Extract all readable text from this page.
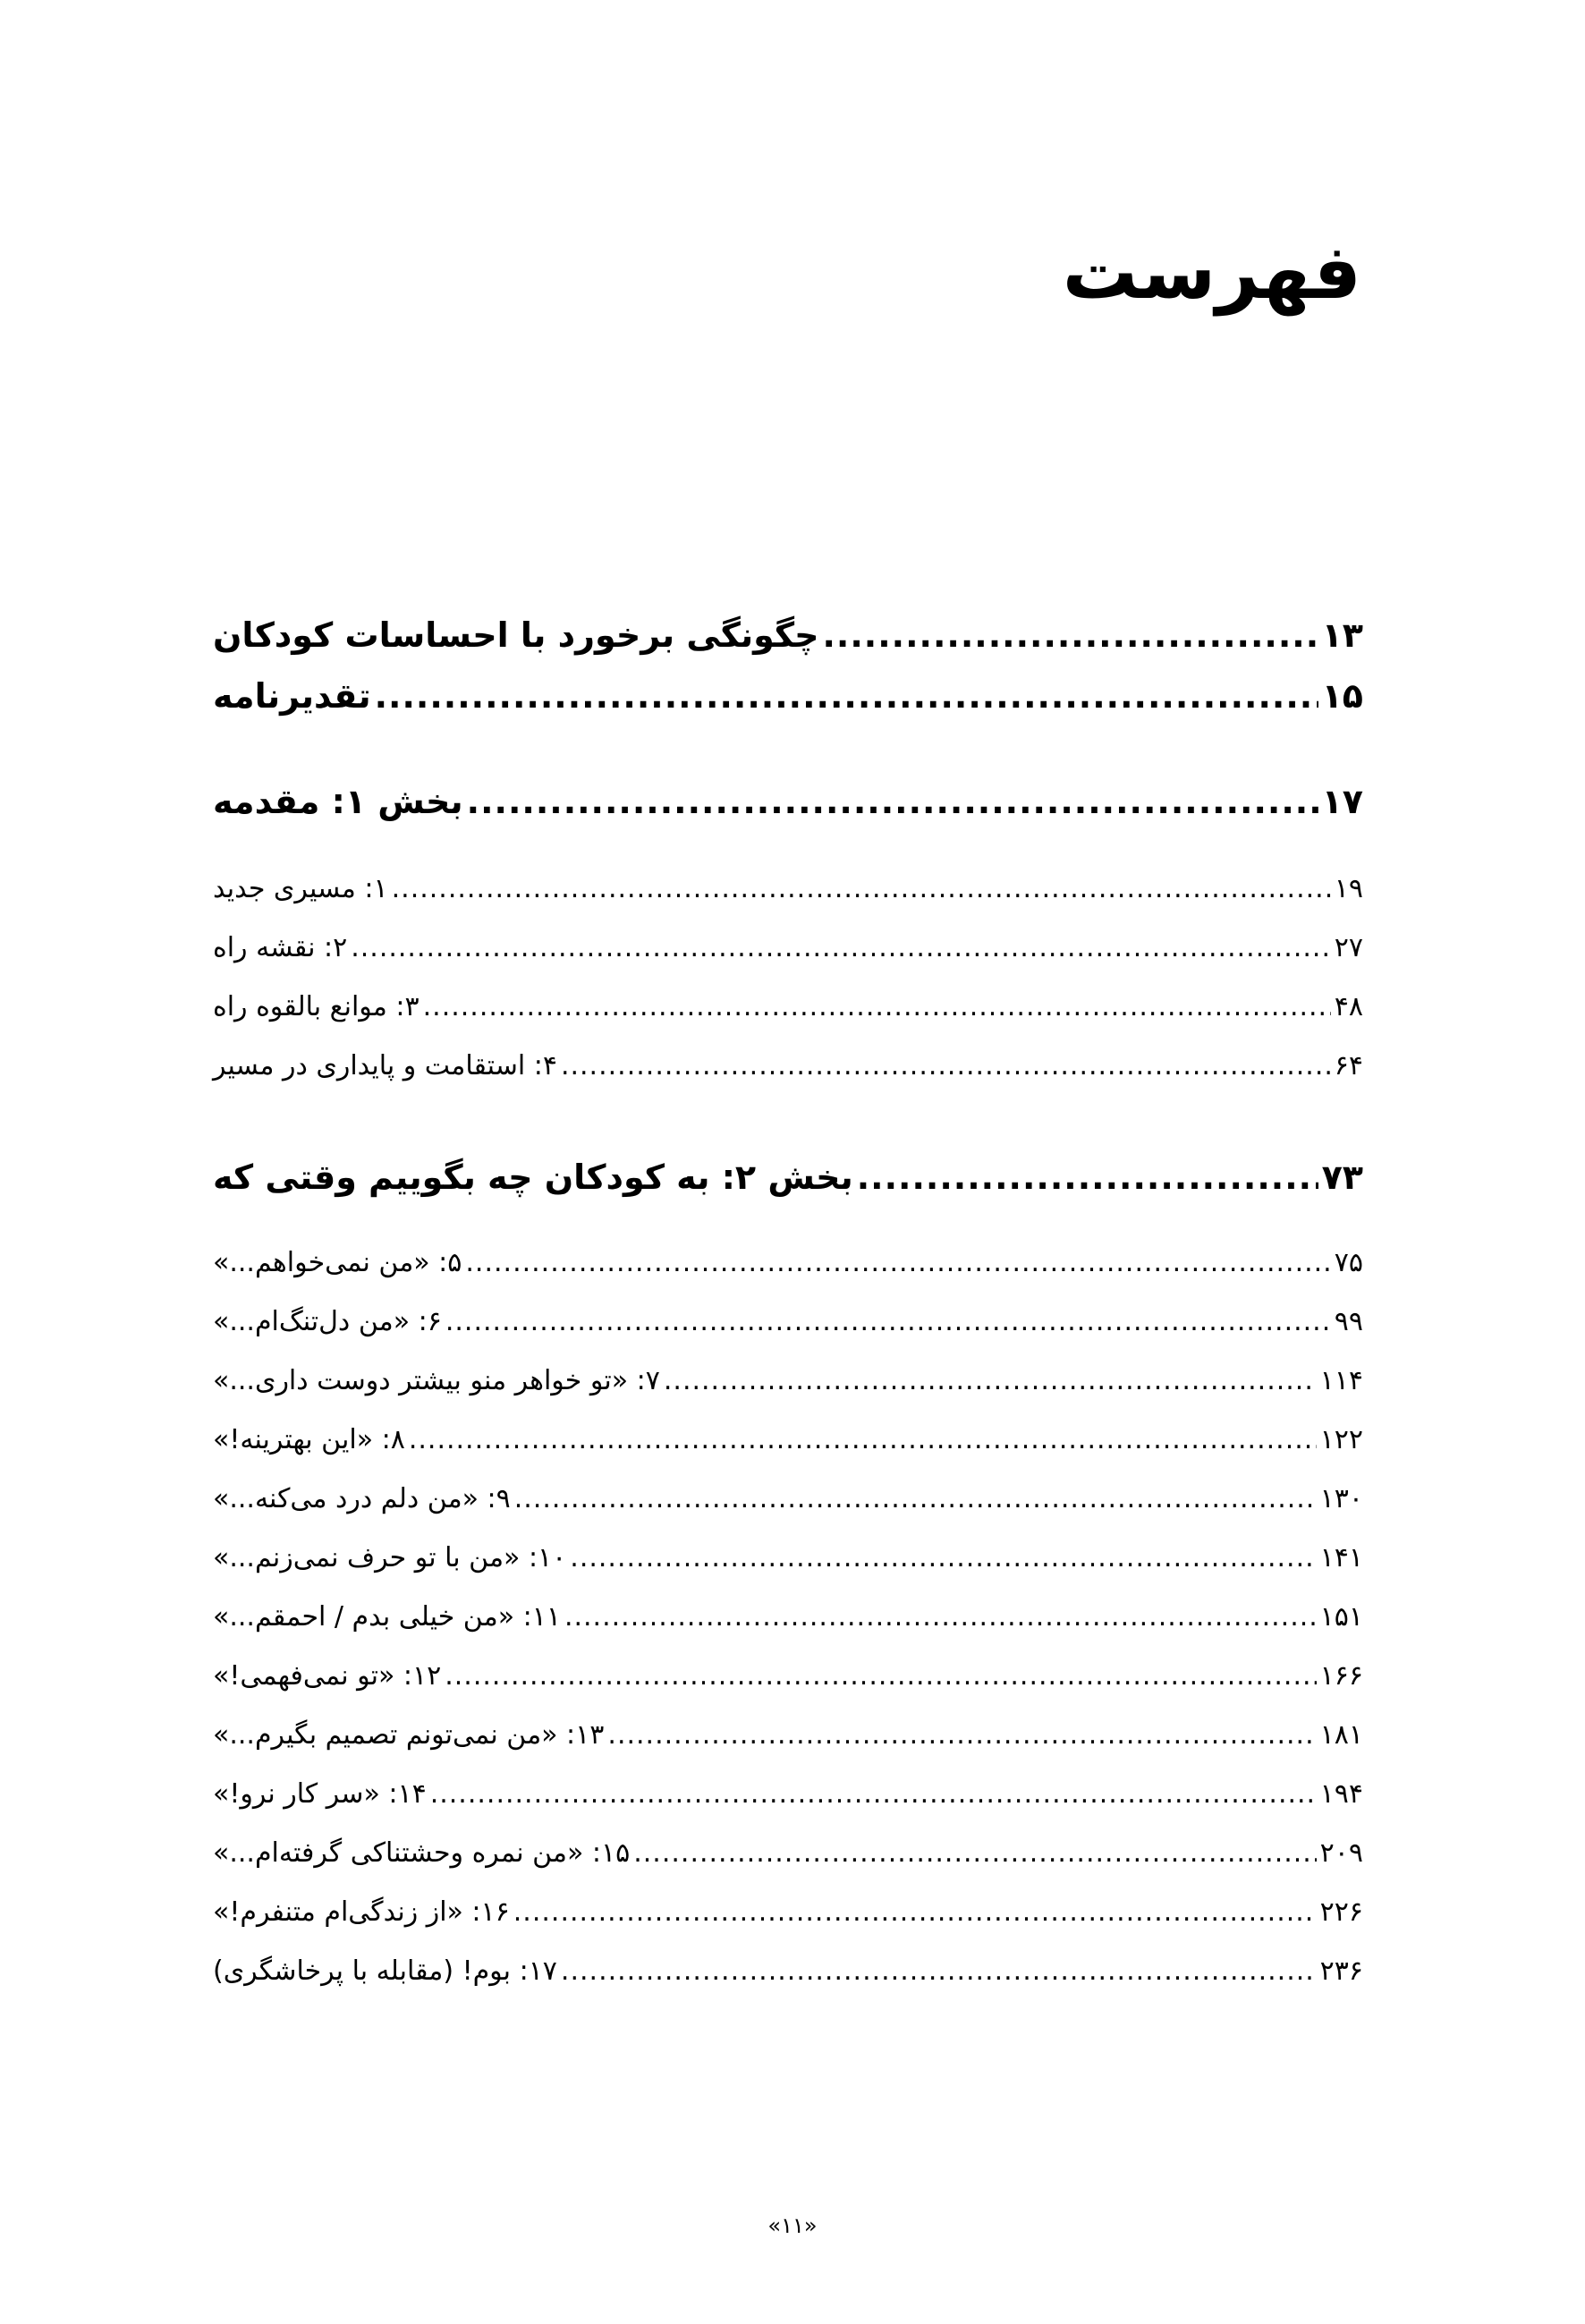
فهرست
چگونگی برخورد با احساسات کودکان .....	۱۳
تقدیرنامه .....	۱۵
بخش ۱: مقدمه .....	۱۷
۱: مسیری جدید .....	۱۹
۲: نقشه راه .....	۲۷
۳: موانع بالقوه راه .....	۴۸
۴: استقامت و پایداری در مسیر .....	۶۴
بخش ۲: به کودکان چه بگوییم وقتی که .....	۷۳
۵: «من نمی‌خواهم...» .....	۷۵
۶: «من دل‌تنگ‌ام...» .....	۹۹
۷: «تو خواهر منو بیشتر دوست داری...» .....	۱۱۴
۸: «این بهترینه!» .....	۱۲۲
۹: «من دلم درد می‌کنه...» .....	۱۳۰
۱۰: «من با تو حرف نمی‌زنم...» .....	۱۴۱
۱۱: «من خیلی بدم / احمقم...» .....	۱۵۱
۱۲: «تو نمی‌فهمی!» .....	۱۶۶
۱۳: «من نمی‌تونم تصمیم بگیرم...» .....	۱۸۱
۱۴: «سر کار نرو!» .....	۱۹۴
۱۵: «من نمره وحشتناکی گرفته‌ام...» .....	۲۰۹
۱۶: «از زندگی‌ام متنفرم!» .....	۲۲۶
۱۷: بوم! (مقابله با پرخاشگری) .....	۲۳۶
«۱۱»
